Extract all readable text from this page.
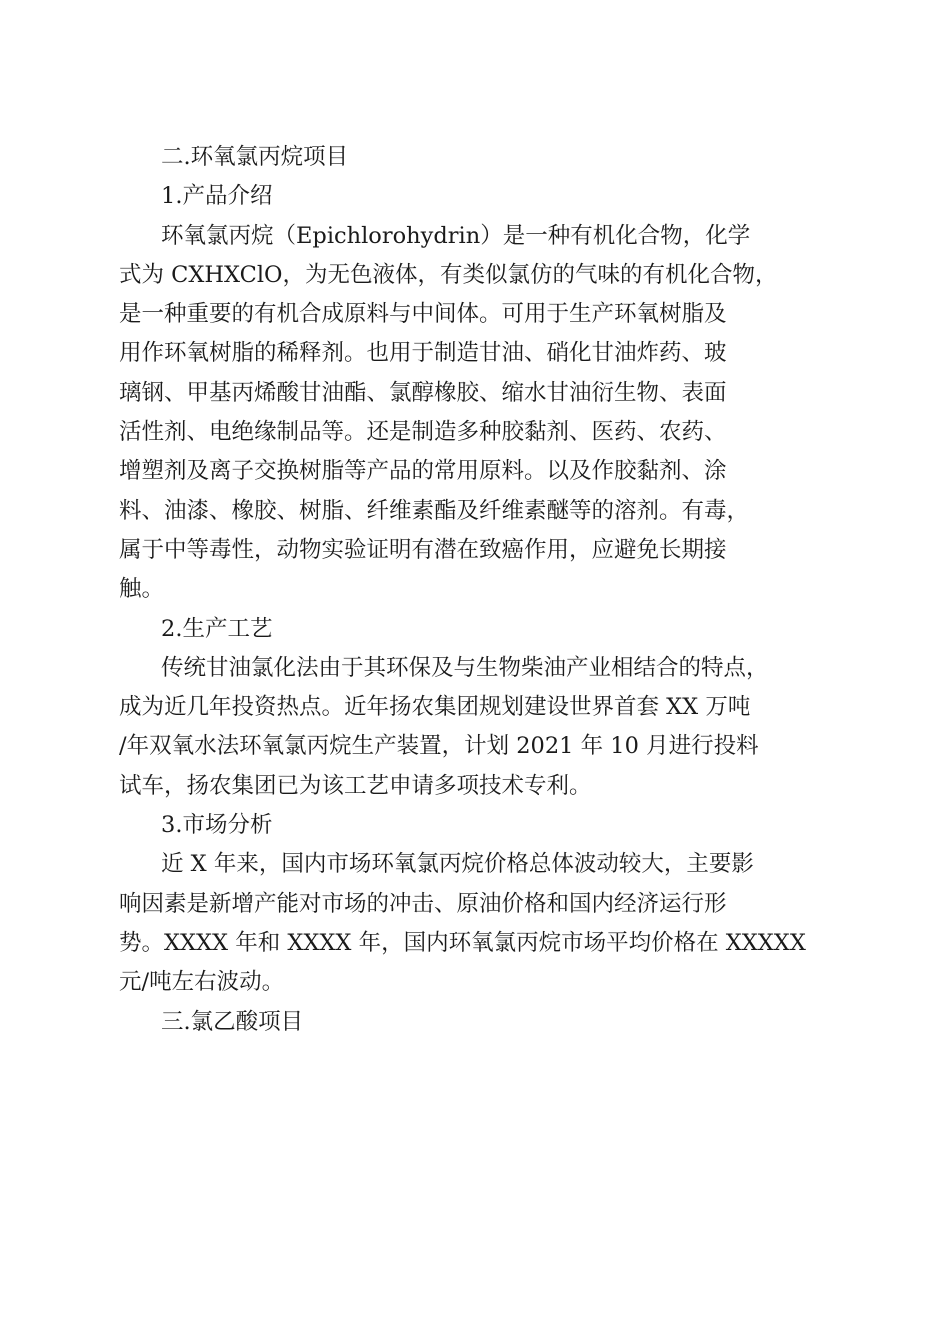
二.环氧氯丙烷项目
1.产品介绍
环氧氯丙烷（Epichlorohydrin）是一种有机化合物，化学
式为 CXHXClO，为无色液体，有类似氯仿的气味的有机化合物，
是一种重要的有机合成原料与中间体。可用于生产环氧树脂及
用作环氧树脂的稀释剂。也用于制造甘油、硝化甘油炸药、玻
璃钢、甲基丙烯酸甘油酯、氯醇橡胶、缩水甘油衍生物、表面
活性剂、电绝缘制品等。还是制造多种胶黏剂、医药、农药、
增塑剂及离子交换树脂等产品的常用原料。以及作胶黏剂、涂
料、油漆、橡胶、树脂、纤维素酯及纤维素醚等的溶剂。有毒，
属于中等毒性，动物实验证明有潜在致癌作用，应避免长期接
触。
2.生产工艺
传统甘油氯化法由于其环保及与生物柴油产业相结合的特点，
成为近几年投资热点。近年扬农集团规划建设世界首套 XX 万吨
/年双氧水法环氧氯丙烷生产装置，计划 2021 年 10 月进行投料
试车，扬农集团已为该工艺申请多项技术专利。
3.市场分析
近 X 年来，国内市场环氧氯丙烷价格总体波动较大，主要影
响因素是新增产能对市场的冲击、原油价格和国内经济运行形
势。XXXX 年和 XXXX 年，国内环氧氯丙烷市场平均价格在 XXXXX
元/吨左右波动。
三.氯乙酸项目
